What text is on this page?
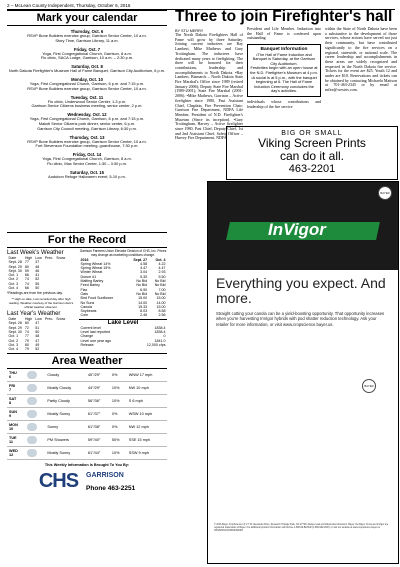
2 – McLean County Independent, Thursday, October 6, 2016
Mark your calendar
Thursday, Oct. 6
RSVP Bone Builders exercise group, Garrison Senior Center, 10 a.m.
Story Time, Garrison Library, 11 a.m.
Friday, Oct. 7
Yoga, First Congregational Church, Garrison, 8 a.m.
Flu clinic, SACA Lodge, Garrison, 10 a.m. – 2:30 p.m.
Saturday, Oct. 8
North Dakota Firefighter's Museum Hall of Fame Banquet, Garrison City Auditorium, 6 p.m.
Monday, Oct. 10
Yoga, First Congregational Church, Garrison, 6 p.m. and 7:15 p.m.
RSVP Bone Builders exercise group, Garrison Senior Center, 10 a.m.
Tuesday, Oct. 11
Flu clinic, Underwood Senior Center, 1-3 p.m.
Garrison Senior Citizens business meeting, senior center, 2 p.m.
Wednesday, Oct. 12
Yoga, First Congregational Church, Garrison, 6 p.m. and 7:15 p.m.
Makoti Senior Citizens pork dinner, senior center, 6 p.m.
Garrison City Council meeting, Garrison Library, 6:30 p.m.
Thursday, Oct. 13
RSVP Bone Builders exercise group, Garrison Senior Center, 10 a.m.
Fort Stevenson Foundation meeting, guardhouse, 7:30 p.m.
Friday, Oct. 14
Yoga, First Congregational Church, Garrison, 8 a.m.
Flu clinic, Max Senior Center, 1:30 – 3:30 p.m.
Saturday, Oct. 15
Audubon Refuge Halloween event, 5-10 p.m.
For the Record
Last Week's Weather
Date	High	Low	Prec.	Snow
Sept. 28	77	37		
Sept. 29	80	48		
Sept. 30	59	46		
Oct. 1	66	41		
Oct. 2	74	52		
Oct. 3	74	55		
Oct. 4	66	50		
*Readings are from the previous day.
** High on date, Low recorded day after high reading. Weather courtesy of the Garrison dam's official weather observer.
Last Year's Weather
Date	High	Low	Prec.	Snow
Sept. 28	80	47		
Sept. 29	72	51		
Sept. 30	74	50		
Oct. 1	77	48		
Oct. 2	79	47		
Oct. 3	80	49		
Oct. 4	79	52		
Garrison Farmers Union Elevator Division of CHS, Inc. Prices may change as marketing conditions change.
2016	Sept. 27	Oct. 4
Spring Wheat 14%	4.58	4.22
Spring Wheat 15%	4.47	4.47
Winter Wheat	3.04	2.93
Durum #1	5.30	5.50
Malting Barley	No Bid	No Bid
Feed Barley	No Bid	No Bid
Flax	6.90	7.00
Oats	No Bid	No Bid
Bird Food Sunflower	15.00	15.00
No Suns	14.00	14.00
Canola	15.33	15.00
Soybeans	8.03	8.58
Corn	2.46	2.56
Lake Level
Current level	1838.4
Level last reported	1838.4
Change	0
Level one year ago	1841.0
Release	12,000 cfps
Area Weather
THU
6		Cloudy	45°/29°	0%	WNW 17 mph

FRI
7		Mostly Cloudy	44°/29°	10%	NW 10 mph

SAT
8		Partly Cloudy	56°/36°	10%	S 6 mph

SUN
9		Mostly Sunny	61°/37°	0%	WSW 10 mph

MON
10		Sunny	61°/38°	0%	NW 12 mph

TUE
11		PM Showers	59°/40°	50%	SSE 15 mph

WED
12		Mostly Sunny	61°/44°	10%	SSW 9 mph
This Weekly Information Is Brought To You By:
CHS GARRISON
Phone 463-2251
Three to join Firefighter's hall
BY STU MERRY
The North Dakota Firefighters Hall of Fame will grow by three Saturday. Joining current inductees are Ray Lambert, Mike Mathews and Gary Trottingham. The inductees have dedicated many years to firefighting. The three will be honored for their contributions, leadership and accomplishments to North Dakota. •Ray Lambert, Bismarck – North Dakota State Fire Marshal's Office since 1989 (retired January 2006); Deputy State Fire Marshal (1989-2001); State Fire Marshal (2001-2006). •Mike Mathews, Garrison – Active firefighter since 1980, Past Assistant Chief, Chaplain, Fire Prevention Chair; Garrison Fire Department, NDFA Life Member, President of N.D. Firefighter's Museum (Since its inception). •Gary Trottingham, Harvey – Active firefighter since 1980, Past Chief, Deputy Chief, 1st and 2nd Assistant Chief, Safety Officer – Harvey Fire Department, NDFA
President and Life Member. Induction into the Hall of Fame is conferred upon outstanding
Banquet Information
•The Hall of Fame Induction and Banquet is Saturday, at the Garrison City Auditorium.
Festivities begin with an open house at the N.D. Firefighter's Museum at 4 p.m.
•A social is at 5 p.m., with the banquet beginning at 6. The Hall of Fame Induction Ceremony concludes the day's activities.
individuals whose contributions and leadership of the fire service
within the State of North Dakota have been a substantive to the development of those services, whose actions have served not just their community, but have contributed significantly to the fire services on a regional, statewide, or national scale. The career leadership and accomplishments in these areas are widely recognized and respected in the North Dakota fire service. Tickets for the event are $25. Youth 12 and under are $10. Reservations and tickets can be obtained by contacting Michaela Mattson at 701-463-2345 or by email at mfire@westriv.com.
BIG OR SMALL
Viking Screen Prints
can do it all.
463-2201
BAYER
InVigor
Everything you expect. And more.
Straight cutting your canola can be a yield-boosting opportunity. That opportunity increases when you're harvesting InVigor hybrids with pod shatter reduction technology. Ask your retailer for more information, or visit www.cropscience.bayer.us.
BAYER
© 2016 Bayer CropScience LP, 2 T.W. Alexander Drive, Research Triangle Park, NC 27709. Always read and follow label directions. Bayer, the Bayer Cross and InVigor are registered trademarks of Bayer. For additional product information call toll-free 1-866-99-BAYER (1-866-992-2937) or visit our website at www.cropscience.bayer.us. CR0816INVIGOB040S00R0
